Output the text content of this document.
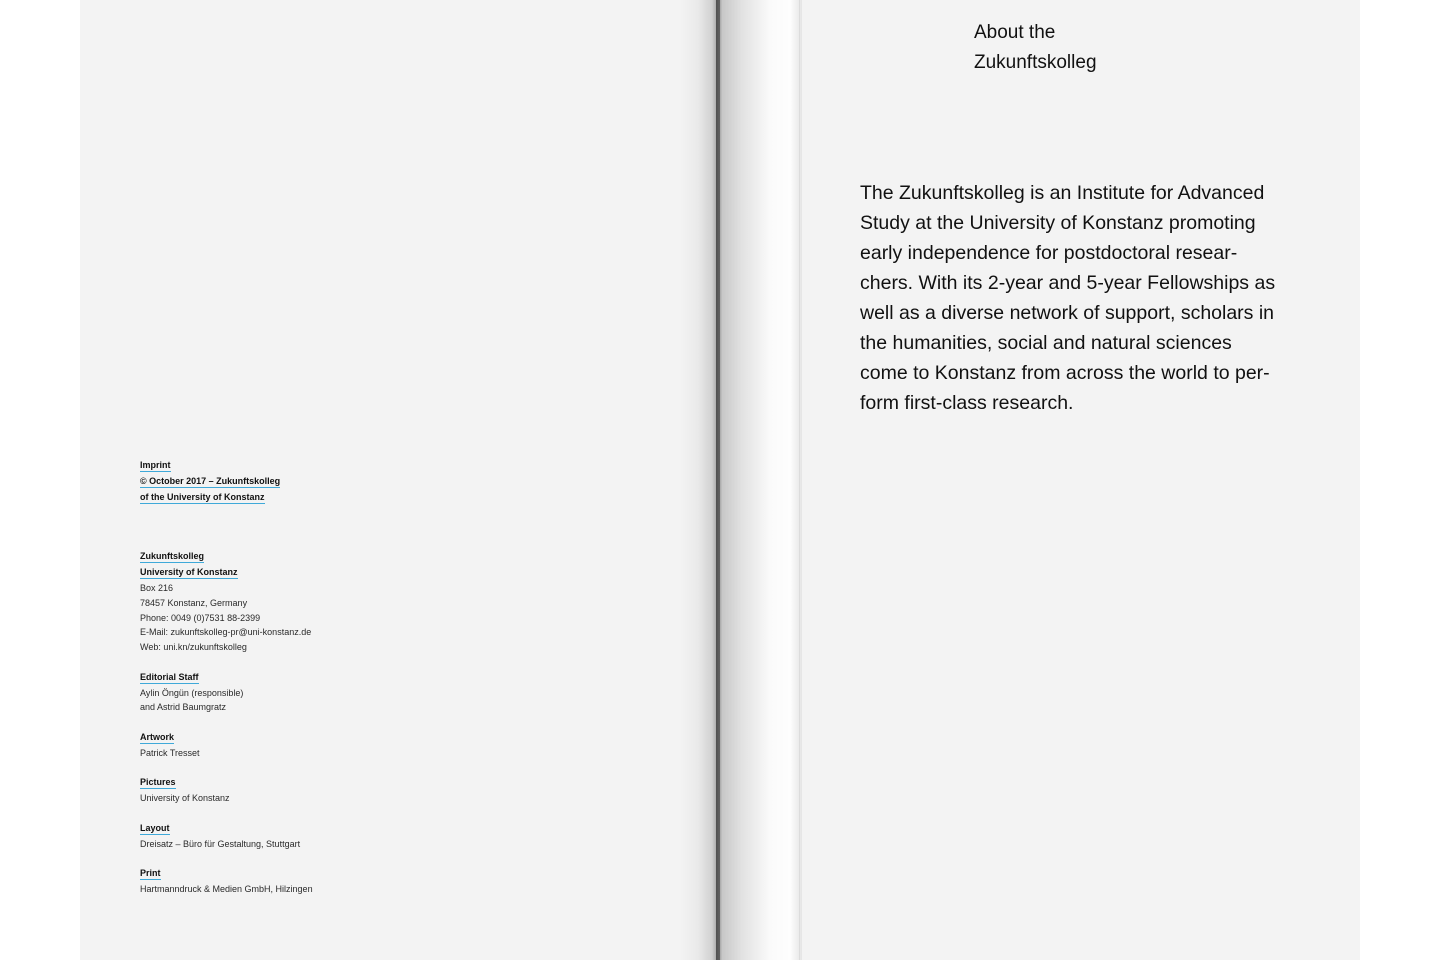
Imprint
© October 2017 – Zukunftskolleg
of the University of Konstanz
Zukunftskolleg
University of Konstanz
Box 216
78457 Konstanz, Germany
Phone: 0049 (0)7531 88-2399
E-Mail: zukunftskolleg-pr@uni-konstanz.de
Web: uni.kn/zukunftskolleg
Editorial Staff
Aylin Öngün (responsible)
and Astrid Baumgratz
Artwork
Patrick Tresset
Pictures
University of Konstanz
Layout
Dreisatz – Büro für Gestaltung, Stuttgart
Print
Hartmanndruck & Medien GmbH, Hilzingen
About the
Zukunftskolleg
The Zukunftskolleg is an Institute for Advanced
Study at the University of Konstanz promoting
early independence for postdoctoral resear-
chers. With its 2-year and 5-year Fellowships as
well as a diverse network of support, scholars in
the humanities, social and natural sciences
come to Konstanz from across the world to per-
form first-class research.
